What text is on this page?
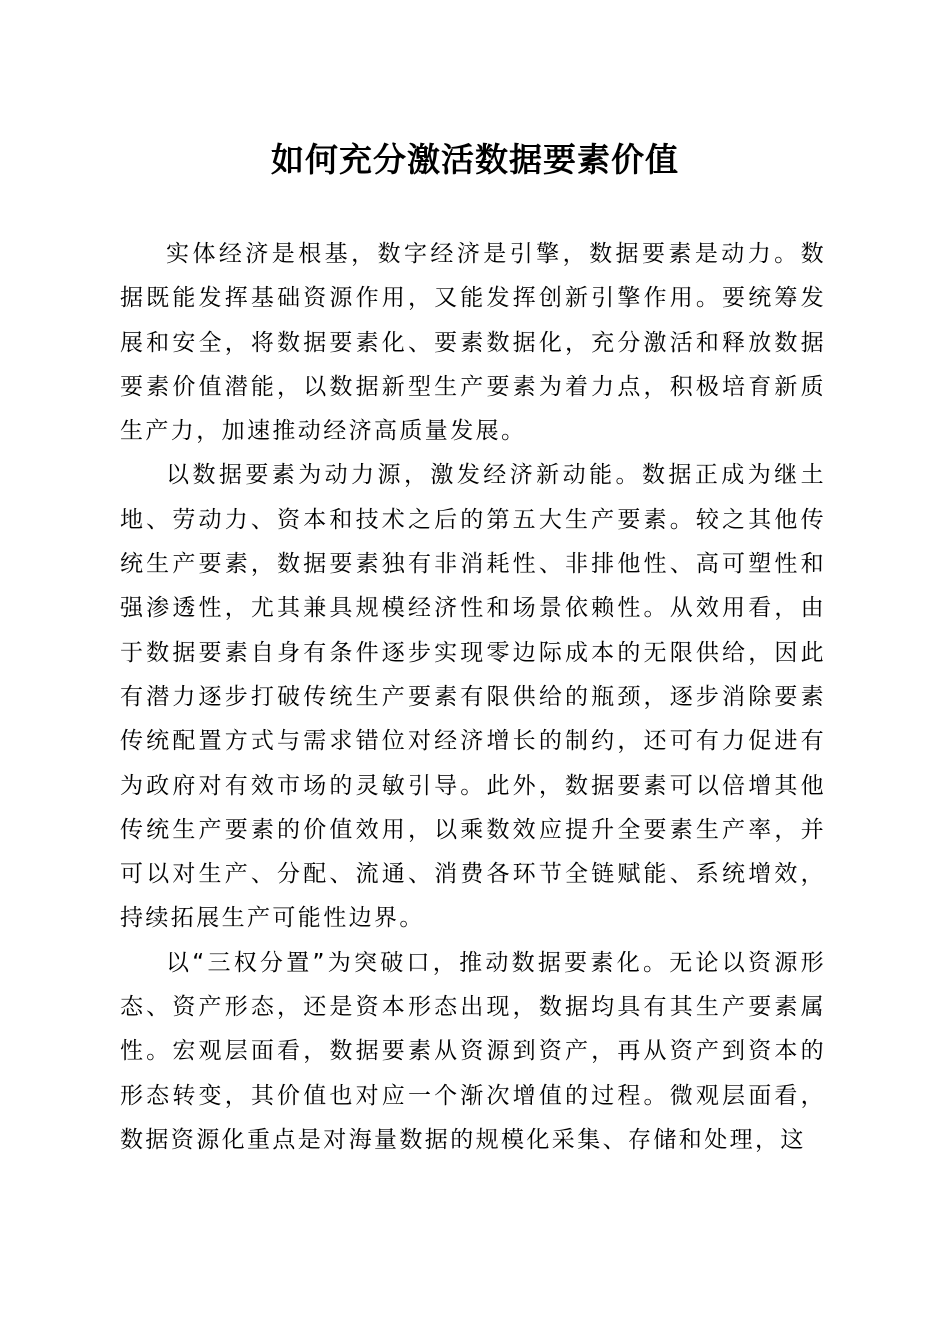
如何充分激活数据要素价值

实体经济是根基，数字经济是引擎，数据要素是动力。数据既能发挥基础资源作用，又能发挥创新引擎作用。要统筹发展和安全，将数据要素化、要素数据化，充分激活和释放数据要素价值潜能，以数据新型生产要素为着力点，积极培育新质生产力，加速推动经济高质量发展。

以数据要素为动力源，激发经济新动能。数据正成为继土地、劳动力、资本和技术之后的第五大生产要素。较之其他传统生产要素，数据要素独有非消耗性、非排他性、高可塑性和强渗透性，尤其兼具规模经济性和场景依赖性。从效用看，由于数据要素自身有条件逐步实现零边际成本的无限供给，因此有潜力逐步打破传统生产要素有限供给的瓶颈，逐步消除要素传统配置方式与需求错位对经济增长的制约，还可有力促进有为政府对有效市场的灵敏引导。此外，数据要素可以倍增其他传统生产要素的价值效用，以乘数效应提升全要素生产率，并可以对生产、分配、流通、消费各环节全链赋能、系统增效，持续拓展生产可能性边界。

以“三权分置”为突破口，推动数据要素化。无论以资源形态、资产形态，还是资本形态出现，数据均具有其生产要素属性。宏观层面看，数据要素从资源到资产，再从资产到资本的形态转变，其价值也对应一个渐次增值的过程。微观层面看，数据资源化重点是对海量数据的规模化采集、存储和处理，这
